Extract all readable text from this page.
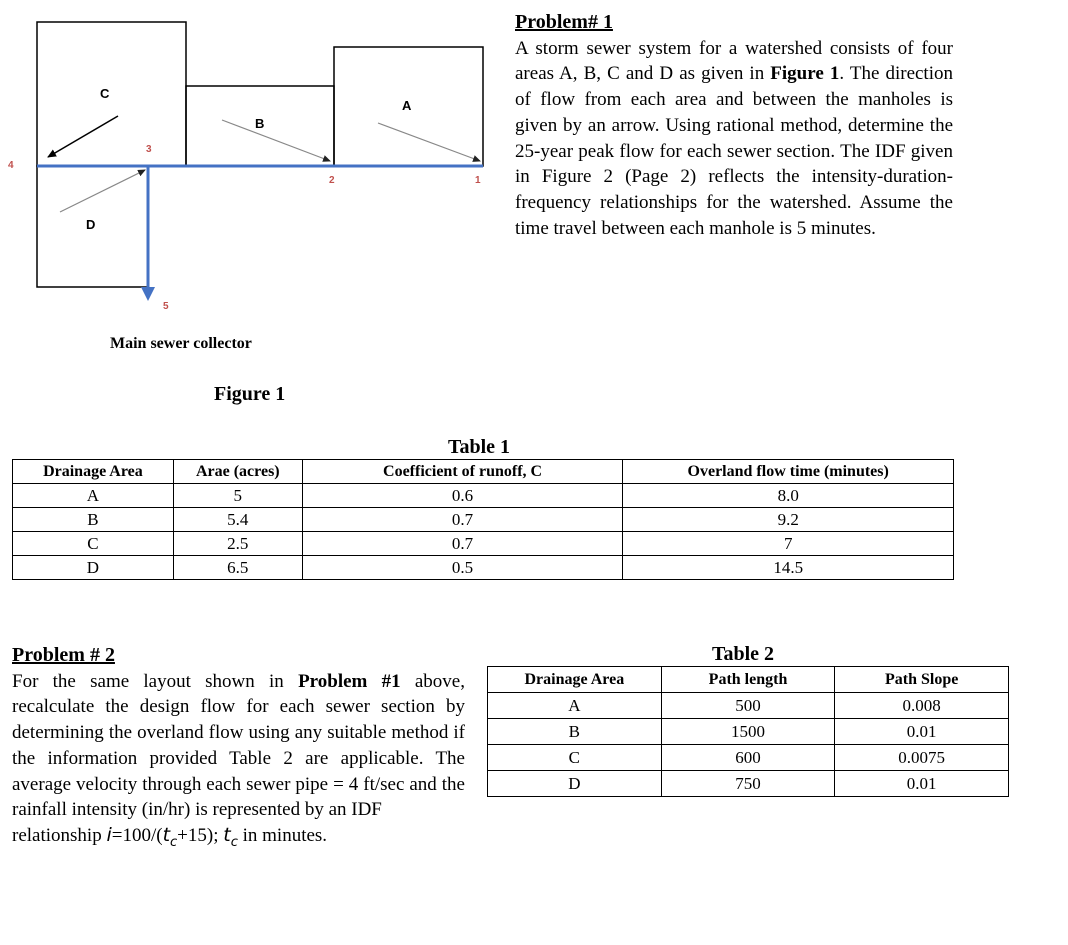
C
B
A
D
1
2
3
4
5
Main sewer collector
Figure 1
Problem# 1
A storm sewer system for a watershed consists of four areas A, B, C and D as given in Figure 1. The direction of flow from each area and between the manholes is given by an arrow. Using rational method, determine the 25-year peak flow for each sewer section. The IDF given in Figure 2 (Page 2) reflects the intensity-duration-frequency relationships for the watershed. Assume the time travel between each manhole is 5 minutes.
Table 1
Drainage Area	Arae (acres)	Coefficient of runoff, C	Overland flow time (minutes)
A	5	0.6	8.0
B	5.4	0.7	9.2
C	2.5	0.7	7
D	6.5	0.5	14.5
Problem # 2
For the same layout shown in Problem #1 above, recalculate the design flow for each sewer section by determining the overland flow using any suitable method if the information provided Table 2 are applicable. The average velocity through each sewer pipe = 4 ft/sec and the rainfall intensity (in/hr) is represented by an IDF
relationship $i=100/(t_c+15)$; $t_c$ in minutes.
Table 2
Drainage Area	Path length	Path Slope
A	500	0.008
B	1500	0.01
C	600	0.0075
D	750	0.01
